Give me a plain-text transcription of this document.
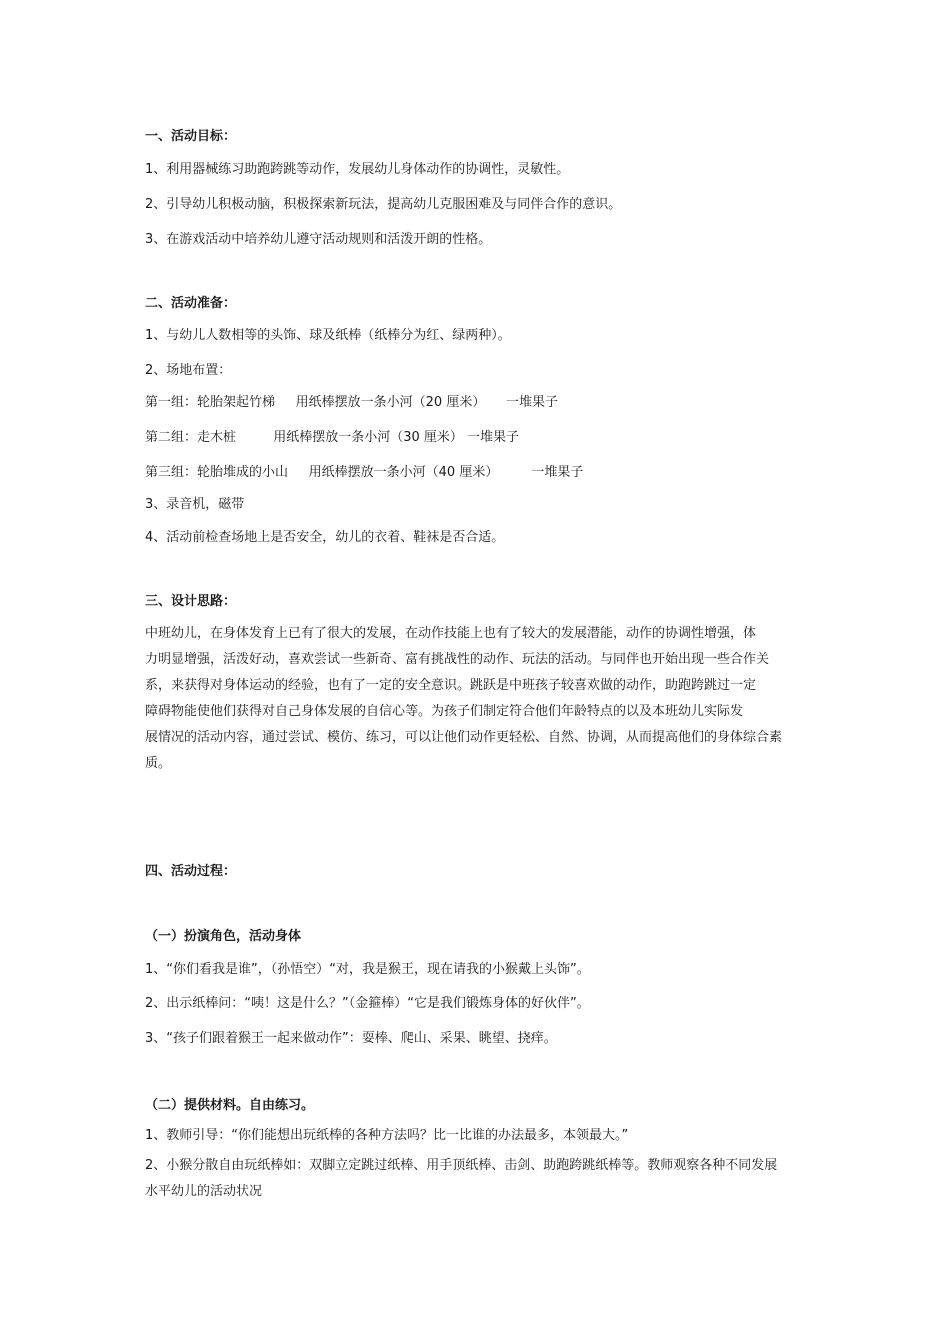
一、活动目标：
1、利用器械练习助跑跨跳等动作，发展幼儿身体动作的协调性，灵敏性。
2、引导幼儿积极动脑，积极探索新玩法，提高幼儿克服困难及与同伴合作的意识。
3、在游戏活动中培养幼儿遵守活动规则和活泼开朗的性格。
二、活动准备：
1、与幼儿人数相等的头饰、球及纸棒（纸棒分为红、绿两种）。
2、场地布置：
第一组：轮胎架起竹梯     用纸棒摆放一条小河（20 厘米）     一堆果子
第二组：走木桩         用纸棒摆放一条小河（30 厘米） 一堆果子
第三组：轮胎堆成的小山     用纸棒摆放一条小河（40 厘米）        一堆果子
3、录音机，磁带
4、活动前检查场地上是否安全，幼儿的衣着、鞋袜是否合适。
三、设计思路：
中班幼儿，在身体发育上已有了很大的发展，在动作技能上也有了较大的发展潜能，动作的协调性增强，体
力明显增强，活泼好动，喜欢尝试一些新奇、富有挑战性的动作、玩法的活动。与同伴也开始出现一些合作关
系，来获得对身体运动的经验，也有了一定的安全意识。跳跃是中班孩子较喜欢做的动作，助跑跨跳过一定
障碍物能使他们获得对自己身体发展的自信心等。为孩子们制定符合他们年龄特点的以及本班幼儿实际发
展情况的活动内容，通过尝试、模仿、练习，可以让他们动作更轻松、自然、协调，从而提高他们的身体综合素
质。
四、活动过程：
（一）扮演角色，活动身体
1、“你们看我是谁”，（孙悟空）“对，我是猴王，现在请我的小猴戴上头饰”。
2、出示纸棒问：“咦！这是什么？”（金箍棒）“它是我们锻炼身体的好伙伴”。
3、“孩子们跟着猴王一起来做动作”：耍棒、爬山、采果、眺望、挠痒。
（二）提供材料。自由练习。
1、教师引导：“你们能想出玩纸棒的各种方法吗？比一比谁的办法最多，本领最大。”
2、小猴分散自由玩纸棒如：双脚立定跳过纸棒、用手顶纸棒、击剑、助跑跨跳纸棒等。教师观察各种不同发展
水平幼儿的活动状况
